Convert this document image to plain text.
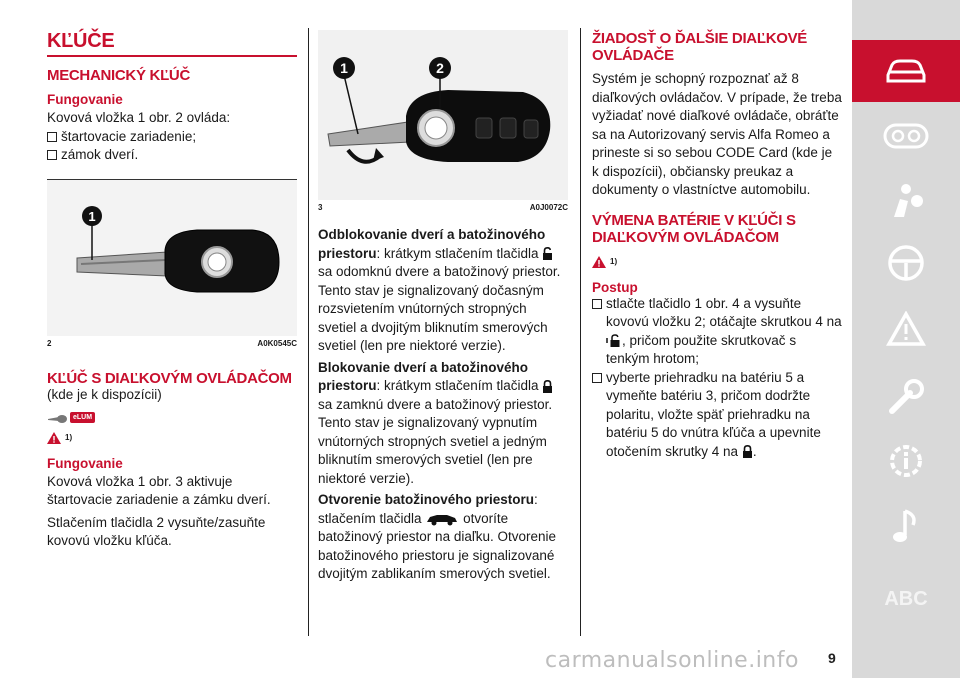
KĽÚČE
MECHANICKÝ KĽÚČ
Fungovanie

Kovová vložka 1 obr. 2 ovláda:

štartovacie zariadenie;
zámok dverí.
1
2	A0K0545C
KĽÚČ S DIAĽKOVÝM OVLÁDAČOM
(kde je k dispozícii)
eLUM
1)
Fungovanie

Kovová vložka 1 obr. 3 aktivuje štartovacie zariadenie a zámku dverí.

Stlačením tlačidla 2 vysuňte/zasuňte kovovú vložku kľúča.

1	2
3	A0J0072C

Odblokovanie dverí a batožinového priestoru: krátkym stlačením tlačidla  sa odomknú dvere a batožinový priestor. Tento stav je signalizovaný dočasným rozsvietením vnútorných stropných svetiel a dvojitým bliknutím smerových svetiel (len pre niektoré verzie).

Blokovanie dverí a batožinového priestoru: krátkym stlačením tlačidla  sa zamknú dvere a batožinový priestor. Tento stav je signalizovaný vypnutím vnútorných stropných svetiel a jedným bliknutím smerových svetiel (len pre niektoré verzie).

Otvorenie batožinového priestoru:
stlačením tlačidla	otvoríte batožinový priestor na diaľku. Otvorenie batožinového priestoru je signalizované dvojitým zablikaním smerových svetiel.

ŽIADOSŤ O ĎALŠIE DIAĽKOVÉ OVLÁDAČE

Systém je schopný rozpoznať až 8 diaľkových ovládačov. V prípade, že treba vyžiadať nové diaľkové ovládače, obráťte sa na Autorizovaný servis Alfa Romeo a prineste si so sebou CODE Card (kde je k dispozícii), občiansky preukaz a dokumenty o vlastníctve automobilu.

VÝMENA BATÉRIE V KĽÚČI S DIAĽKOVÝM OVLÁDAČOM
1)
Postup
stlačte tlačidlo 1 obr. 4 a vysuňte kovovú vložku 2; otáčajte skrutkou 4 na , pričom použite skrutkovač s tenkým hrotom;
vyberte priehradku na batériu 5 a vymeňte batériu 3, pričom dodržte polaritu, vložte späť priehradku na batériu 5 do vnútra kľúča a upevnite otočením skrutky 4 na .
ABC
9
carmanualsonline.info
